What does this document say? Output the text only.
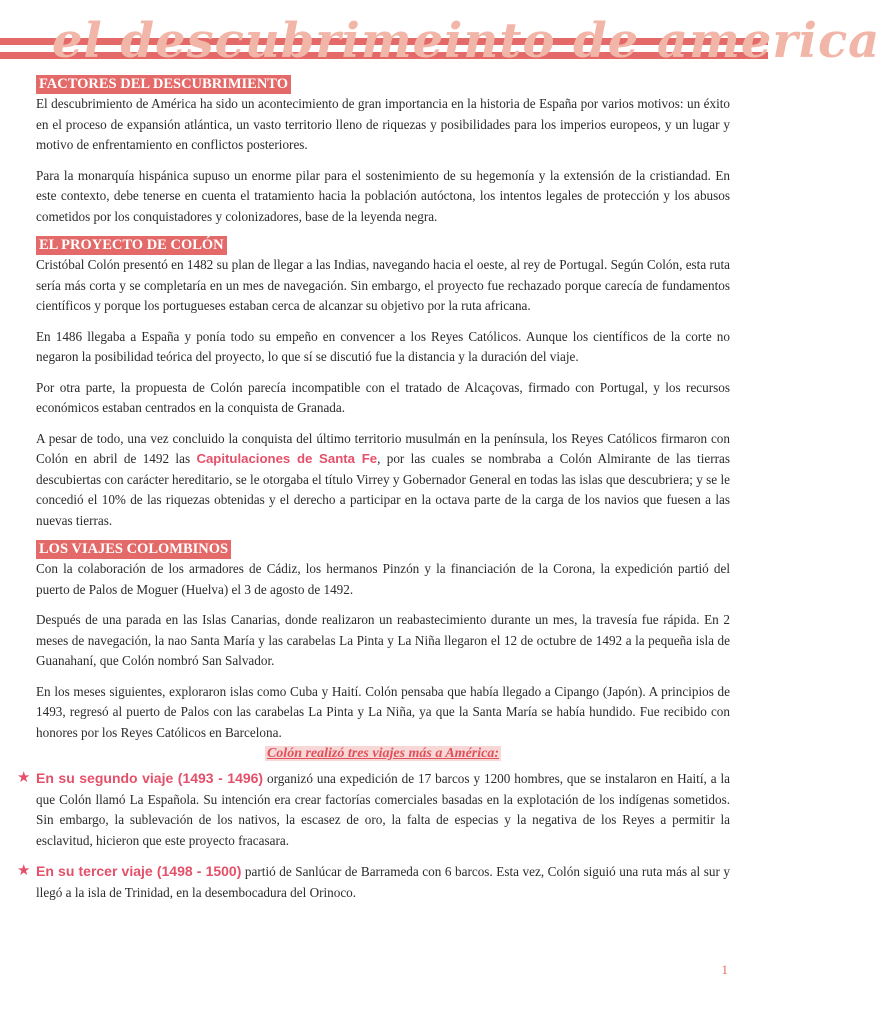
el descubrimeinto de america
FACTORES DEL DESCUBRIMIENTO

El descubrimiento de América ha sido un acontecimiento de gran importancia en la historia de España por varios motivos: un éxito en el proceso de expansión atlántica, un vasto territorio lleno de riquezas y posibilidades para los imperios europeos, y un lugar y motivo de enfrentamiento en conflictos posteriores.

Para la monarquía hispánica supuso un enorme pilar para el sostenimiento de su hegemonía y la extensión de la cristiandad. En este contexto, debe tenerse en cuenta el tratamiento hacia la población autóctona, los intentos legales de protección y los abusos cometidos por los conquistadores y colonizadores, base de la leyenda negra.

EL PROYECTO DE COLÓN

Cristóbal Colón presentó en 1482 su plan de llegar a las Indias, navegando hacia el oeste, al rey de Portugal. Según Colón, esta ruta sería más corta y se completaría en un mes de navegación. Sin embargo, el proyecto fue rechazado porque carecía de fundamentos científicos y porque los portugueses estaban cerca de alcanzar su objetivo por la ruta africana.

En 1486 llegaba a España y ponía todo su empeño en convencer a los Reyes Católicos. Aunque los científicos de la corte no negaron la posibilidad teórica del proyecto, lo que sí se discutió fue la distancia y la duración del viaje.

Por otra parte, la propuesta de Colón parecía incompatible con el tratado de Alcaçovas, firmado con Portugal, y los recursos económicos estaban centrados en la conquista de Granada.

A pesar de todo, una vez concluido la conquista del último territorio musulmán en la península, los Reyes Católicos firmaron con Colón en abril de 1492 las Capitulaciones de Santa Fe, por las cuales se nombraba a Colón Almirante de las tierras descubiertas con carácter hereditario, se le otorgaba el título Virrey y Gobernador General en todas las islas que descubriera; y se le concedió el 10% de las riquezas obtenidas y el derecho a participar en la octava parte de la carga de los navios que fuesen a las nuevas tierras.

LOS VIAJES COLOMBINOS

Con la colaboración de los armadores de Cádiz, los hermanos Pinzón y la financiación de la Corona, la expedición partió del puerto de Palos de Moguer (Huelva) el 3 de agosto de 1492.

Después de una parada en las Islas Canarias, donde realizaron un reabastecimiento durante un mes, la travesía fue rápida. En 2 meses de navegación, la nao Santa María y las carabelas La Pinta y La Niña llegaron el 12 de octubre de 1492 a la pequeña isla de Guanahaní, que Colón nombró San Salvador.

En los meses siguientes, exploraron islas como Cuba y Haití. Colón pensaba que había llegado a Cipango (Japón). A principios de 1493, regresó al puerto de Palos con las carabelas La Pinta y La Niña, ya que la Santa María se había hundido. Fue recibido con honores por los Reyes Católicos en Barcelona.

Colón realizó tres viajes más a América:

★ En su segundo viaje (1493 - 1496) organizó una expedición de 17 barcos y 1200 hombres, que se instalaron en Haití, a la que Colón llamó La Española. Su intención era crear factorías comerciales basadas en la explotación de los indígenas sometidos. Sin embargo, la sublevación de los nativos, la escasez de oro, la falta de especias y la negativa de los Reyes a permitir la esclavitud, hicieron que este proyecto fracasara.

★ En su tercer viaje (1498 - 1500) partió de Sanlúcar de Barrameda con 6 barcos. Esta vez, Colón siguió una ruta más al sur y llegó a la isla de Trinidad, en la desembocadura del Orinoco.

1
